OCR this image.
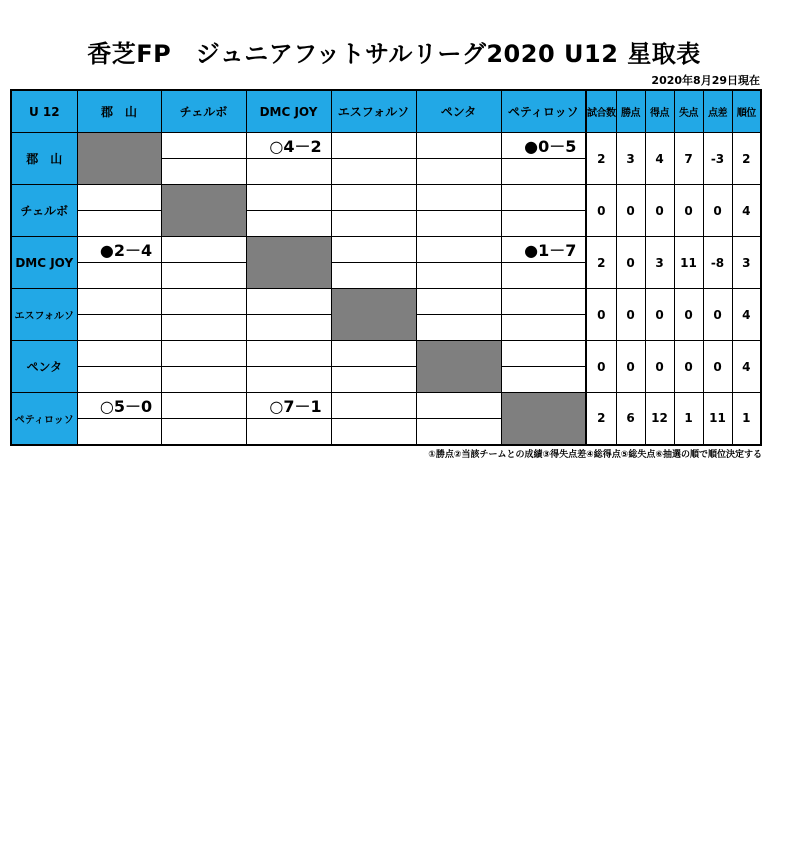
香芝FP　ジュニアフットサルリーグ2020 U12 星取表
2020年8月29日現在
U 12	郡　山	チェルボ	DMC JOY	エスフォルソ	ペンタ	ペティロッソ	試合数	勝点	得点	失点	点差	順位
郡　山			○4－2			●0－5	2	3	4	7	-3	2

チェルボ							0	0	0	0	0	4

DMC JOY	●2－4					●1－7	2	0	3	11	-8	3

エスフォルソ							0	0	0	0	0	4

ペンタ							0	0	0	0	0	4

ペティロッソ	○5－0		○7－1				2	6	12	1	11	1

①勝点②当該チームとの成績③得失点差④総得点⑤総失点⑥抽選の順で順位決定する
